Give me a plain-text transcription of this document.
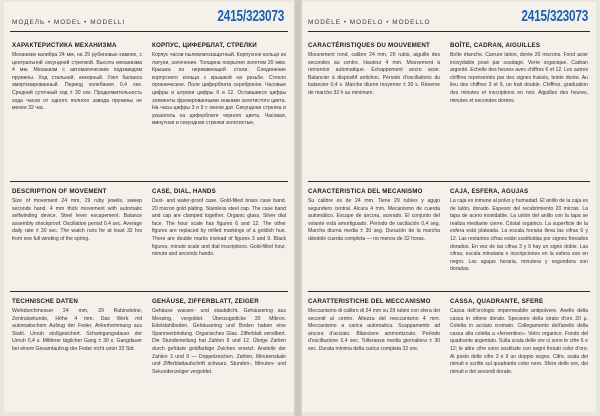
МОДЕЛЬ • MODEL • MODELLI	2415/323073
ХАРАКТЕРИСТИКА МЕХАНИЗМА

Механизм калибра 24 мм, на 29 рубиновых камнях, с центральной секундной стрелкой. Высота механизма 4 мм. Механизм с автоматическим подзаводом пружины. Ход стальной, анкерный. Узел баланса амортизированный. Период колебания 0,4 сек. Средний суточный ход ± 30 сек. Продолжительность хода часов от одного полного завода пружины не менее 32 час.

КОРПУС, ЦИФЕРБЛАТ, СТРЕЛКИ

Корпус часов пылевлагозащитный. Корпусное кольцо из латуни, золочение. Толщина покрытия золотом 20 мкм. Крышка из нержавеющей стали. Соединение корпусного кольца с крышкой на резьбе. Стекло органическое. Поле циферблата серебряное. Часовые цифры и штрихи цифры 6 и 12. Оставшиеся цифры элементы фрезерованными знаками золотистого цвета. На часы цифры 3 и 9 с окном дат. Секундная стрелка и указатель на циферблате черного цвета. Часовая, минутная и секундная стрелки золотистые.

DESCRIPTION OF MOVEMENT

Size of movement 24 mm, 29 ruby jewels, sweep seconds hand. 4 mm thick movement with automatic selfwinding device. Steel lever escapement. Balance assembly shockproof. Oscillation period 0.4 sec. Average daily rate ± 30 sec. The watch runs for at least 32 hrs from one full winding of the spring.

CASE, DIAL, HANDS

Dust- and water-proof case. Gold-filled brass case band. 20 micron gold plating. Stainless steel cap. The case band and cap are clamped together. Organic glass. Silver dial face. The hour scale has figures 6 and 12. The other figures are replaced by milled markings of a goldish hue. There are double marks instead of figures 3 and 9. Black figures, minute scale and dial inscriptions. Gold-filled hour, minute and seconds hands.

TECHNISCHE DATEN

Werkdurchmesser 24 mm, 29 Rubinsteine, Zentralsekunde, Höhe 4 mm. Das Werk mit automatischem Aufzug der Feder. Ankerhemmung aus Stahl. Unruh stoßgesichert. Schwingungsdauer der Unruh 0,4 s. Mittlerer täglicher Gang ± 30 s. Gangdauer bei einem Gesamtaufzug der Feder nicht unter 32 Std.

GEHÄUSE, ZIFFERBLATT, ZEIGER

Gehäuse wasser- und staubdicht. Gehäusering aus Messing, vergoldet. Überzugsdicke 20 Mikron. Edelstahlboden. Gehäusering und Boden haben eine Spannverbindung. Organisches Glas. Zifferblatt versilbert. Die Stundenteilung hat Zahlen 6 und 12. Übrige Zahlen durch gefräste goldfarbige Zeichen ersetzt. Anstelle der Zahlen 3 und 9 — Doppelzeichen. Zahlen, Minutenskale und Zifferblattaufschrift schwarz. Stunden-, Minuten- und Sekundenzeiger vergoldet.

MODÈLE • MODELO • MODELLO	2415/323073
CARACTÉRISTIQUES DU MOUVEMENT

Mouvement rond, calibre 24 mm, 29 rubis, aiguille des secondes au centre. Hauteur 4 mm. Mouvement à remontoir automatique. Echappement ancre acier. Balancier à dispositif antichoc. Période d'oscillations du balancier 0,4 s. Marche diurne moyenne ± 30 s. Réserve de marche 32 h au minimum.

BOÎTE, CADRAN, AIGUILLES

Boîte étanche. Carrure laiton, dorée 20 microns. Fond acier inoxydable posé par soudage. Verre organique. Cadran argenté. Echelle des heures avec chiffres 6 et 12. Les autres chiffres représentés par des signes fraisés, teinte dorée. Au lieu des chiffres 3 et 9, un trait double. Chiffres, graduation des minutes et inscriptions en noir. Aiguilles des heures, minutes et secondes dorées.

CARACTERISTICA DEL MECANISMO

Su calibre es de 24 mm. Tiene 29 rubíes y agujo segundero central. Alcura 4 mm. Mecanismo de cuerda automático. Escape de áncora, acerado. El conjunto del volante está amortiguado. Periodo de oscilación 0,4 seg. Marcha diurna media ± 30 seg. Duración de la marcha dándole cuerda completa — no menos de 32 horas.

CAJA, ESFERA, AGUJAS

La caja es inmune al polvo y humedad. El anillo de la caja es de latón, dorado. Espesor del recubrimiento 20 micras. La tapa de acero inoxidable. La unión del anillo con la tapa se realiza mediante cierre. Cristal orgánico. La superficie de la esfera está plateada. La escala horaria lleva las cifras 6 y 12. Las restantes cifras están sustituidas por signos fresados dorados. En vez de las cifras 3 y 9 hay un signo doble. Las cifras, escala minutaria e inscripciones en la esfera son en negro. Las agujas horaria, minutera y segundera son doradas.

CARATTERISTICHE DEL MECCANISMO

Meccanismo di calibro di 24 mm su 29 rubini con sfera dei secondi al centro. Altezza del meccanismo 4 mm. Meccanismo a carica automatica. Scappamento ad ancora d'acciaio. Bilanciere ammortizzato. Periodo d'oscillazione 0,4 sec. Tolleranza media giornaliera ± 30 sec. Durata minima della carica completa 32 ore.

CASSA, QUADRANTE, SFERE

Cassa dell'orologio impermeabile antipolvere. Anello della cassa in ottone dorato. Spessore della strato d'oro 20 μ. Coletta in acciaio cromato. Collegamento dell'anello della cassa alla coletta a «ferventino». Vetro organico. Fondo del quadrante argentato. Sulla scala delle ore ci sono le cifre 6 e 12; le altre cifre sono sostituite con segni fresati color d'oro. Al posto delle cifre 3 e 9 un doppio segno. Cifre, scala dei minuti e scritte sul quadrante color nero. Sfere delle ore, dei minuti e dei secondi dorate.
